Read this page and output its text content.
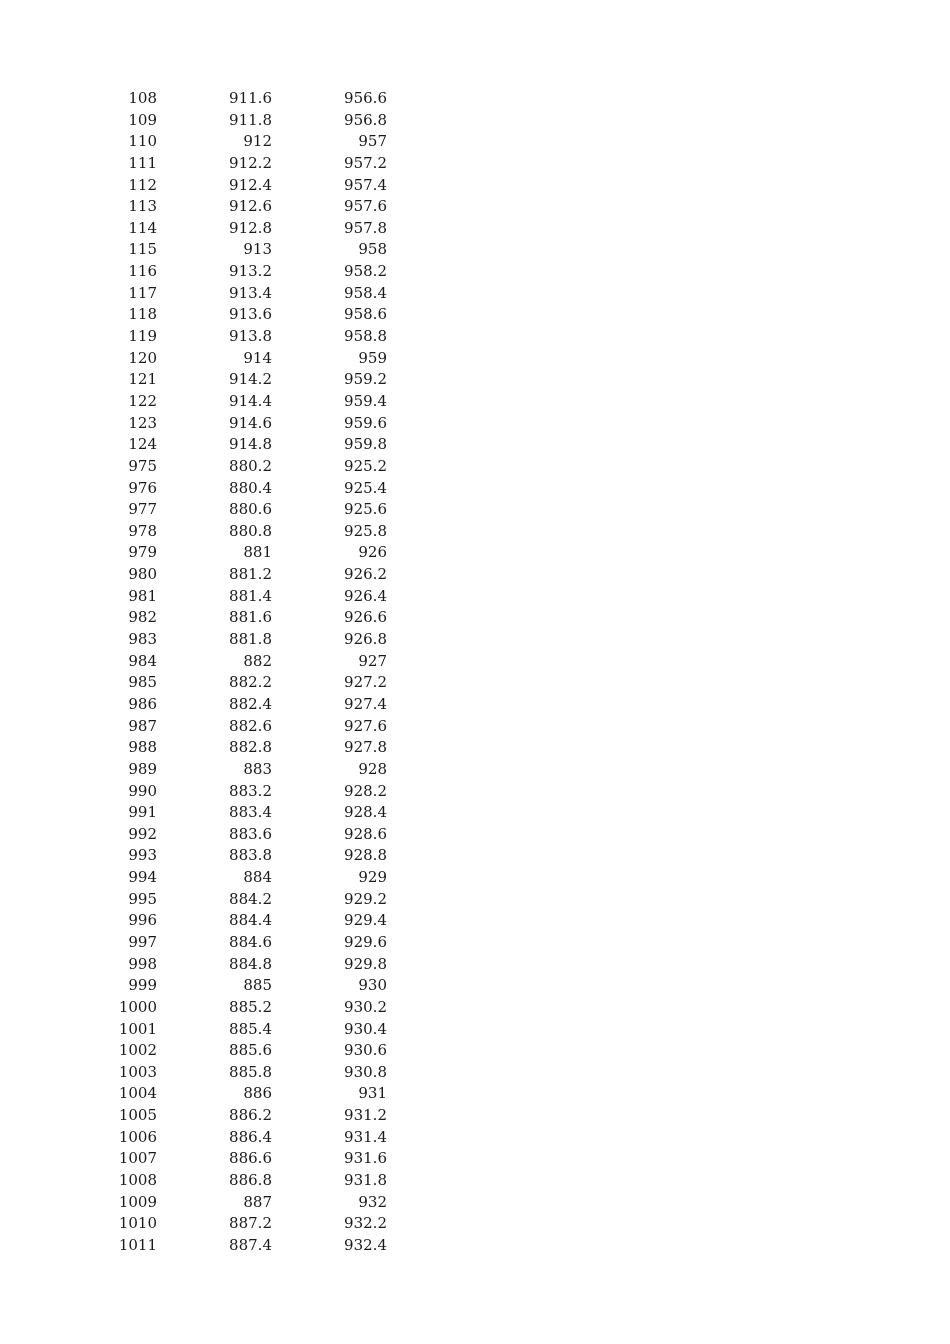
108	911.6	956.6
109	911.8	956.8
110	912	957
111	912.2	957.2
112	912.4	957.4
113	912.6	957.6
114	912.8	957.8
115	913	958
116	913.2	958.2
117	913.4	958.4
118	913.6	958.6
119	913.8	958.8
120	914	959
121	914.2	959.2
122	914.4	959.4
123	914.6	959.6
124	914.8	959.8
975	880.2	925.2
976	880.4	925.4
977	880.6	925.6
978	880.8	925.8
979	881	926
980	881.2	926.2
981	881.4	926.4
982	881.6	926.6
983	881.8	926.8
984	882	927
985	882.2	927.2
986	882.4	927.4
987	882.6	927.6
988	882.8	927.8
989	883	928
990	883.2	928.2
991	883.4	928.4
992	883.6	928.6
993	883.8	928.8
994	884	929
995	884.2	929.2
996	884.4	929.4
997	884.6	929.6
998	884.8	929.8
999	885	930
1000	885.2	930.2
1001	885.4	930.4
1002	885.6	930.6
1003	885.8	930.8
1004	886	931
1005	886.2	931.2
1006	886.4	931.4
1007	886.6	931.6
1008	886.8	931.8
1009	887	932
1010	887.2	932.2
1011	887.4	932.4
